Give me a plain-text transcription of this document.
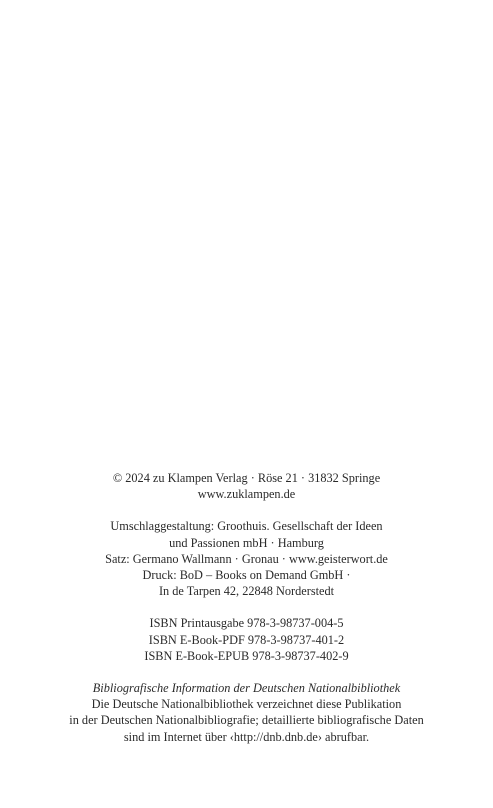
© 2024 zu Klampen Verlag · Röse 21 · 31832 Springe
www.zuklampen.de

Umschlaggestaltung: Groothuis. Gesellschaft der Ideen
und Passionen mbH · Hamburg
Satz: Germano Wallmann · Gronau · www.geisterwort.de
Druck: BoD – Books on Demand GmbH ·
In de Tarpen 42, 22848 Norderstedt

ISBN Printausgabe 978-3-98737-004-5
ISBN E-Book-PDF 978-3-98737-401-2
ISBN E-Book-EPUB 978-3-98737-402-9

Bibliografische Information der Deutschen Nationalbibliothek
Die Deutsche Nationalbibliothek verzeichnet diese Publikation
in der Deutschen Nationalbibliografie; detaillierte bibliografische Daten
sind im Internet über ‹http://dnb.dnb.de› abrufbar.
